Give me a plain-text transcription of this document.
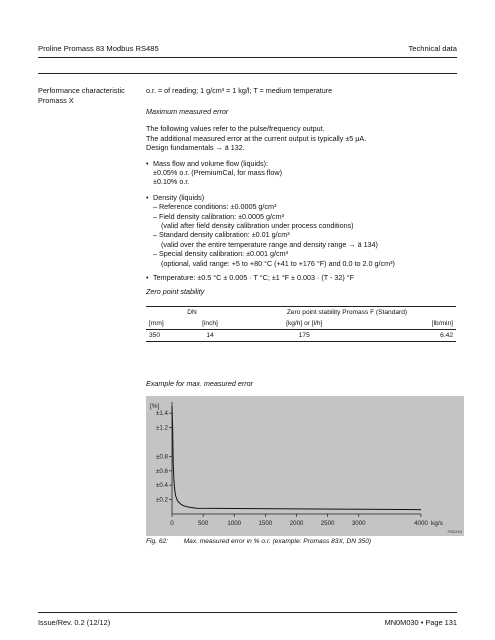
Proline Promass 83 Modbus RS485	Technical data
Performance characteristic
Promass X
o.r. = of reading; 1 g/cm³ = 1 kg/l; T = medium temperature
Maximum measured error
The following values refer to the pulse/frequency output.
The additional measured error at the current output is typically ±5 μA.
Design fundamentals → ä 132.
• Mass flow and volume flow (liquids):
±0.05% o.r. (PremiumCal, for mass flow)
±0.10% o.r.
• Density (liquids)
– Reference conditions: ±0.0005 g/cm³
– Field density calibration: ±0.0005 g/cm³
(valid after field density calibration under process conditions)
– Standard density calibration: ±0.01 g/cm³
(valid over the entire temperature range and density range → ä 134)
– Special density calibration: ±0.001 g/cm³
(optional, valid range: +5 to +80 °C (+41 to +176 °F) and 0.0 to 2.0 g/cm³)
• Temperature: ±0.5 °C ± 0.005 · T °C; ±1 °F ± 0.003 · (T - 32) °F
Zero point stability
DN		Zero point stability Promass F (Standard)	
[mm]	[inch]	[kg/h] or [l/h]	[lb/min]
350	14	175	6.42
Example for max. measured error
[%]
±0.2
±0.4
±0.6
±0.8
±1.2
±1.4
0	500	1000	1500	2000	2500	3000	4000 kg/s
A0xxxx
Fig. 62: Max. measured error in % o.r. (example: Promass 83X, DN 350)
Issue/Rev. 0.2 (12/12)	MN0M030 • Page 131
